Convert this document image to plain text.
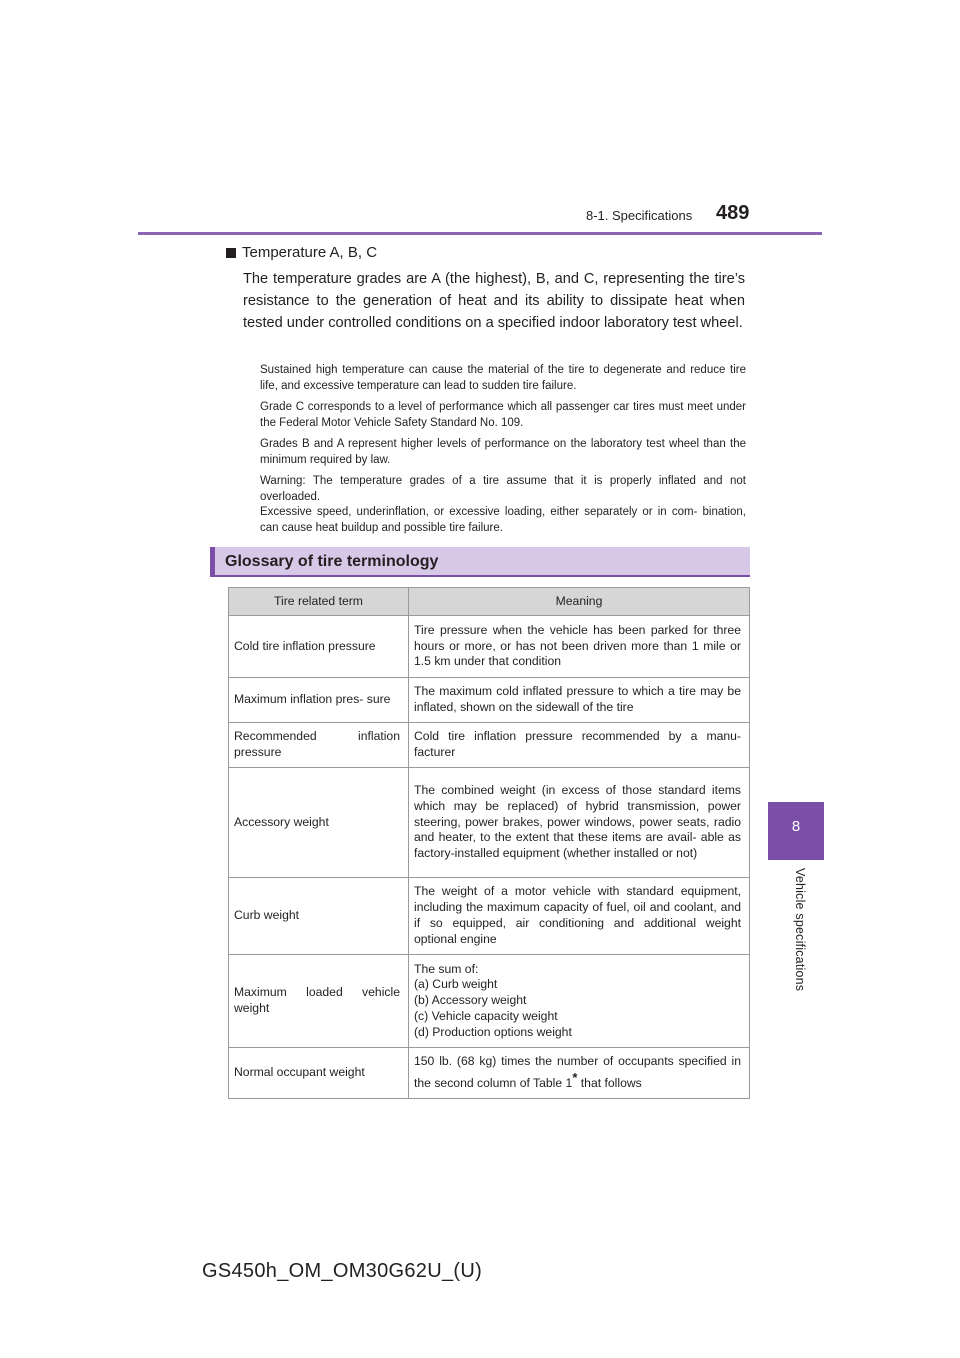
8-1. Specifications 489
8
Vehicle specifications
Temperature A, B, C
The temperature grades are A (the highest), B, and C, representing the tire’s resistance to the generation of heat and its ability to dissipate heat when tested under controlled conditions on a specified indoor laboratory test wheel.

Sustained high temperature can cause the material of the tire to degenerate and reduce tire life, and excessive temperature can lead to sudden tire failure.

Grade C corresponds to a level of performance which all passenger car tires must meet under the Federal Motor Vehicle Safety Standard No. 109.

Grades B and A represent higher levels of performance on the laboratory test wheel than the minimum required by law.

Warning: The temperature grades of a tire assume that it is properly inflated and not overloaded.

Excessive speed, underinflation, or excessive loading, either separately or in com- bination, can cause heat buildup and possible tire failure.

Glossary of tire terminology
Tire related term	Meaning
Cold tire inflation pressure	Tire pressure when the vehicle has been parked for three hours or more, or has not been driven more than 1 mile or 1.5 km under that condition
Maximum inflation pres- sure	The maximum cold inflated pressure to which a tire may be inflated, shown on the sidewall of the tire
Recommended inflation pressure	Cold tire inflation pressure recommended by a manu- facturer
Accessory weight	The combined weight (in excess of those standard items which may be replaced) of hybrid transmission, power steering, power brakes, power windows, power seats, radio and heater, to the extent that these items are avail- able as factory-installed equipment (whether installed or not)
Curb weight	The weight of a motor vehicle with standard equipment, including the maximum capacity of fuel, oil and coolant, and if so equipped, air conditioning and additional weight optional engine
Maximum loaded vehicle weight	The sum of:
(a) Curb weight
(b) Accessory weight
(c) Vehicle capacity weight
(d) Production options weight

Normal occupant weight	150 lb. (68 kg) times the number of occupants specified in the second column of Table 1* that follows
GS450h_OM_OM30G62U_(U)
